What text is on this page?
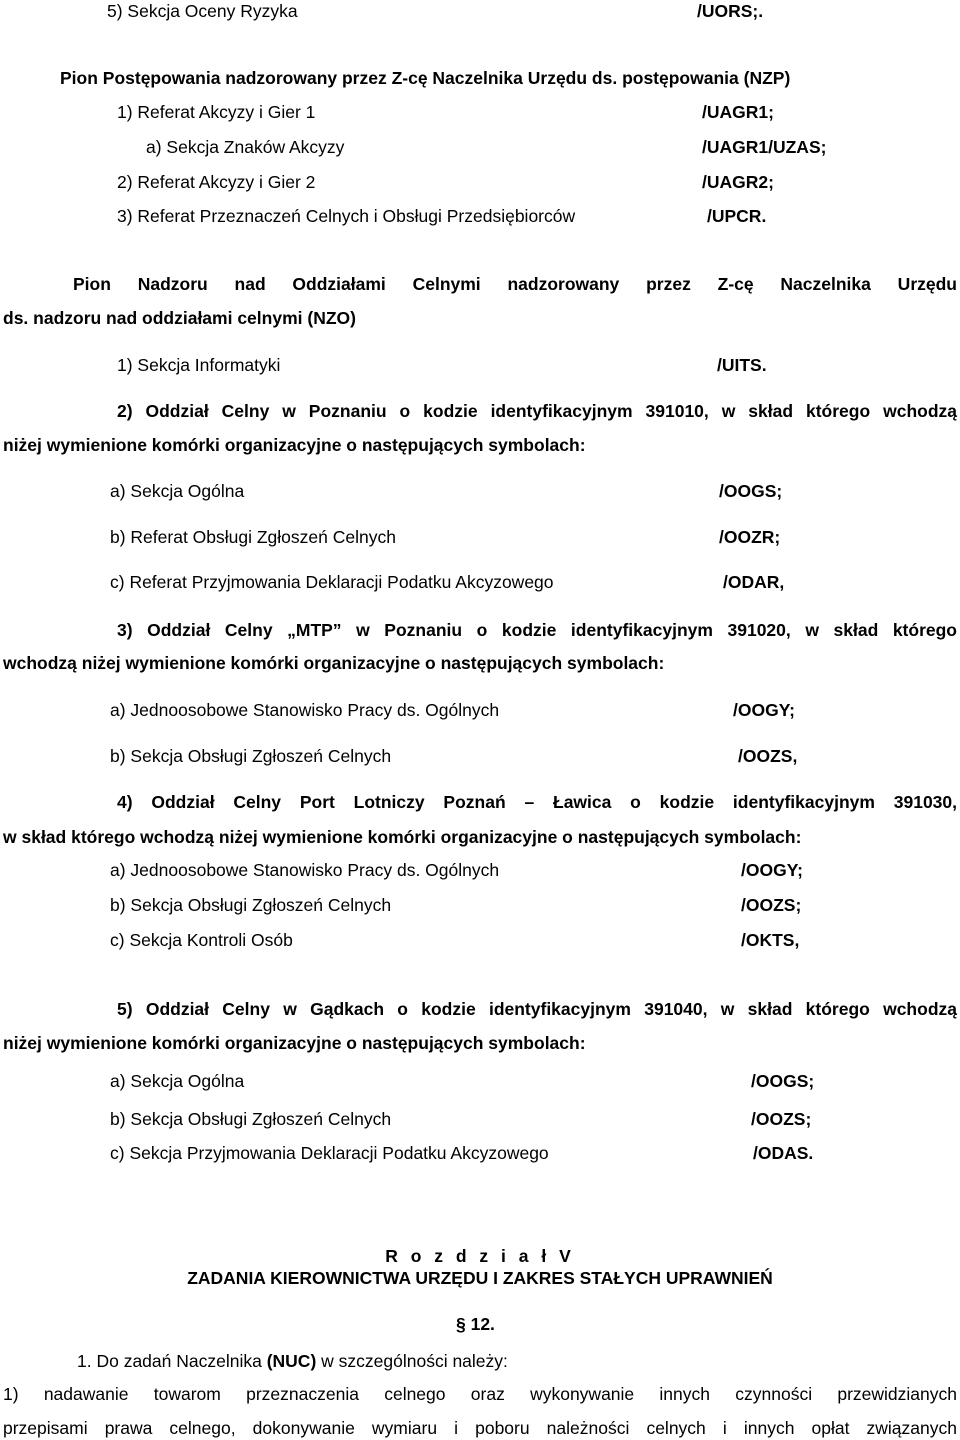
5) Sekcja Oceny Ryzyka	/UORS;.
Pion Postępowania nadzorowany przez Z-cę Naczelnika Urzędu ds. postępowania (NZP)
1) Referat Akcyzy i Gier 1	/UAGR1;
a) Sekcja Znaków Akcyzy	/UAGR1/UZAS;
2) Referat Akcyzy i Gier 2	/UAGR2;
3) Referat Przeznaczeń Celnych i Obsługi Przedsiębiorców	/UPCR.
Pion Nadzoru nad Oddziałami Celnymi nadzorowany przez Z-cę Naczelnika Urzędu
ds. nadzoru nad oddziałami celnymi (NZO)
1) Sekcja Informatyki	/UITS.
2) Oddział Celny w Poznaniu o kodzie identyfikacyjnym 391010, w skład którego wchodzą
niżej wymienione komórki organizacyjne o następujących symbolach:
a) Sekcja Ogólna	/OOGS;
b) Referat Obsługi Zgłoszeń Celnych	/OOZR;
c) Referat Przyjmowania Deklaracji Podatku Akcyzowego	/ODAR,
3) Oddział Celny „MTP” w Poznaniu o kodzie identyfikacyjnym 391020, w skład którego
wchodzą niżej wymienione komórki organizacyjne o następujących symbolach:
a) Jednoosobowe Stanowisko Pracy ds. Ogólnych	/OOGY;
b) Sekcja Obsługi Zgłoszeń Celnych	/OOZS,
4) Oddział Celny Port Lotniczy Poznań – Ławica o kodzie identyfikacyjnym 391030,
w skład którego wchodzą niżej wymienione komórki organizacyjne o następujących symbolach:
a) Jednoosobowe Stanowisko Pracy ds. Ogólnych	/OOGY;
b) Sekcja Obsługi Zgłoszeń Celnych	/OOZS;
c) Sekcja Kontroli Osób	/OKTS,
5) Oddział Celny w Gądkach o kodzie identyfikacyjnym 391040, w skład którego wchodzą
niżej wymienione komórki organizacyjne o następujących symbolach:
a) Sekcja Ogólna	/OOGS;
b) Sekcja Obsługi Zgłoszeń Celnych	/OOZS;
c) Sekcja Przyjmowania Deklaracji Podatku Akcyzowego	/ODAS.
R o z d z i a ł V
ZADANIA KIEROWNICTWA URZĘDU I ZAKRES STAŁYCH UPRAWNIEŃ
§ 12.
1. Do zadań Naczelnika (NUC) w szczególności należy:
1) nadawanie towarom przeznaczenia celnego oraz wykonywanie innych czynności przewidzianych
przepisami prawa celnego, dokonywanie wymiaru i poboru należności celnych i innych opłat związanych
